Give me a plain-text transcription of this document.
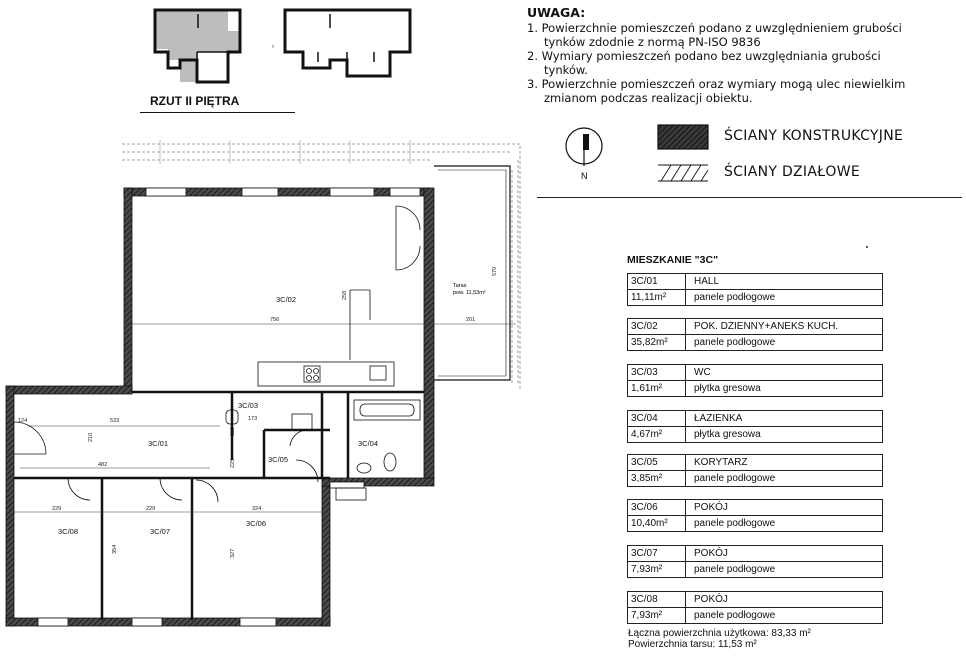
›
RZUT II PIĘTRA
UWAGA:
1. Powierzchnie pomieszczeń podano z uwzględnieniem grubości
tynków zdodnie z normą PN-ISO 9836
2. Wymiary pomieszczeń podano bez uwzględniania grubości
tynków.
3. Powierzchnie pomieszczeń oraz wymiary mogą ulec niewielkim
zmianom podczas realizacji obiektu.
N
ŚCIANY KONSTRUKCYJNE
ŚCIANY DZIAŁOWE
MIESZKANIE "3C"
3C/01	HALL
11,11m²	panele podłogowe
3C/02	POK. DZIENNY+ANEKS KUCH.
35,82m²	panele podłogowe
3C/03	WC
1,61m²	płytka gresowa
3C/04	ŁAZIENKA
4,67m²	płytka gresowa
3C/05	KORYTARZ
3,85m²	panele podłogowe
3C/06	POKÓJ
10,40m²	panele podłogowe
3C/07	POKÓJ
7,93m²	panele podłogowe
3C/08	POKÓJ
7,93m²	panele podłogowe
Łączna powierzchnia użytkowa: 83,33 m²
Powierzchnia tarsu: 11,53 m²
Taras
pow. 11,53m²
3C/02
3C/01
3C/03
3C/04
3C/05
3C/06
3C/07
3C/08
756	201
570
533
124
210
482
229	229	324
354	327
173
112
225
258
